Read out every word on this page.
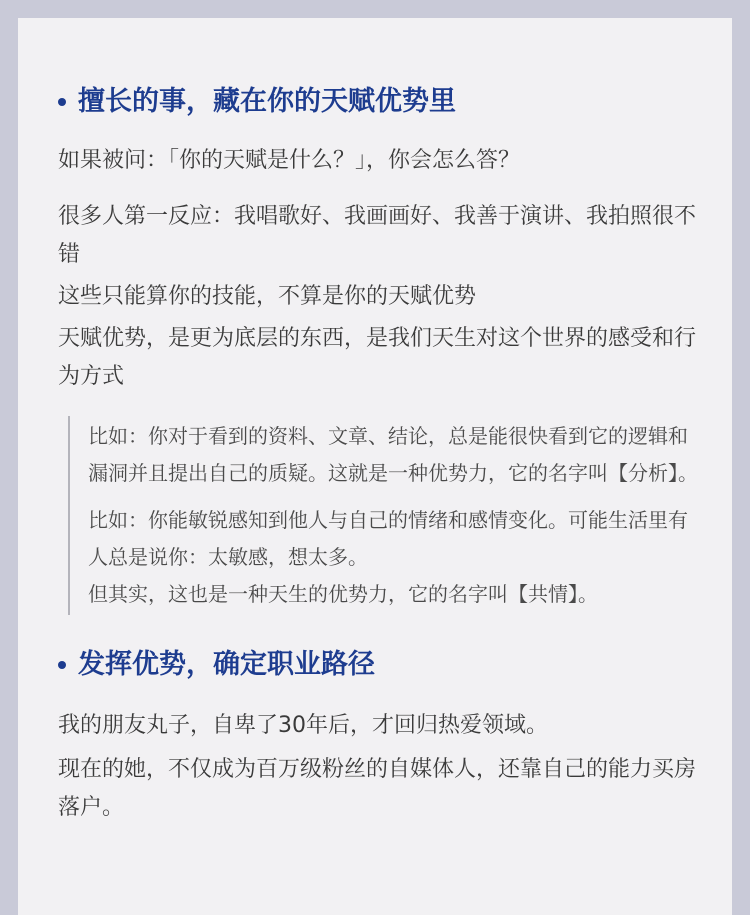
擅长的事，藏在你的天赋优势里

如果被问：「你的天赋是什么？」，你会怎么答？

很多人第一反应：我唱歌好、我画画好、我善于演讲、我拍照很不错

这些只能算你的技能，不算是你的天赋优势

天赋优势，是更为底层的东西，是我们天生对这个世界的感受和行为方式

比如：你对于看到的资料、文章、结论，总是能很快看到它的逻辑和漏洞并且提出自己的质疑。这就是一种优势力，它的名字叫【分析】。

比如：你能敏锐感知到他人与自己的情绪和感情变化。可能生活里有人总是说你：太敏感，想太多。

但其实，这也是一种天生的优势力，它的名字叫【共情】。

发挥优势，确定职业路径

我的朋友丸子，自卑了30年后，才回归热爱领域。

现在的她，不仅成为百万级粉丝的自媒体人，还靠自己的能力买房落户。
